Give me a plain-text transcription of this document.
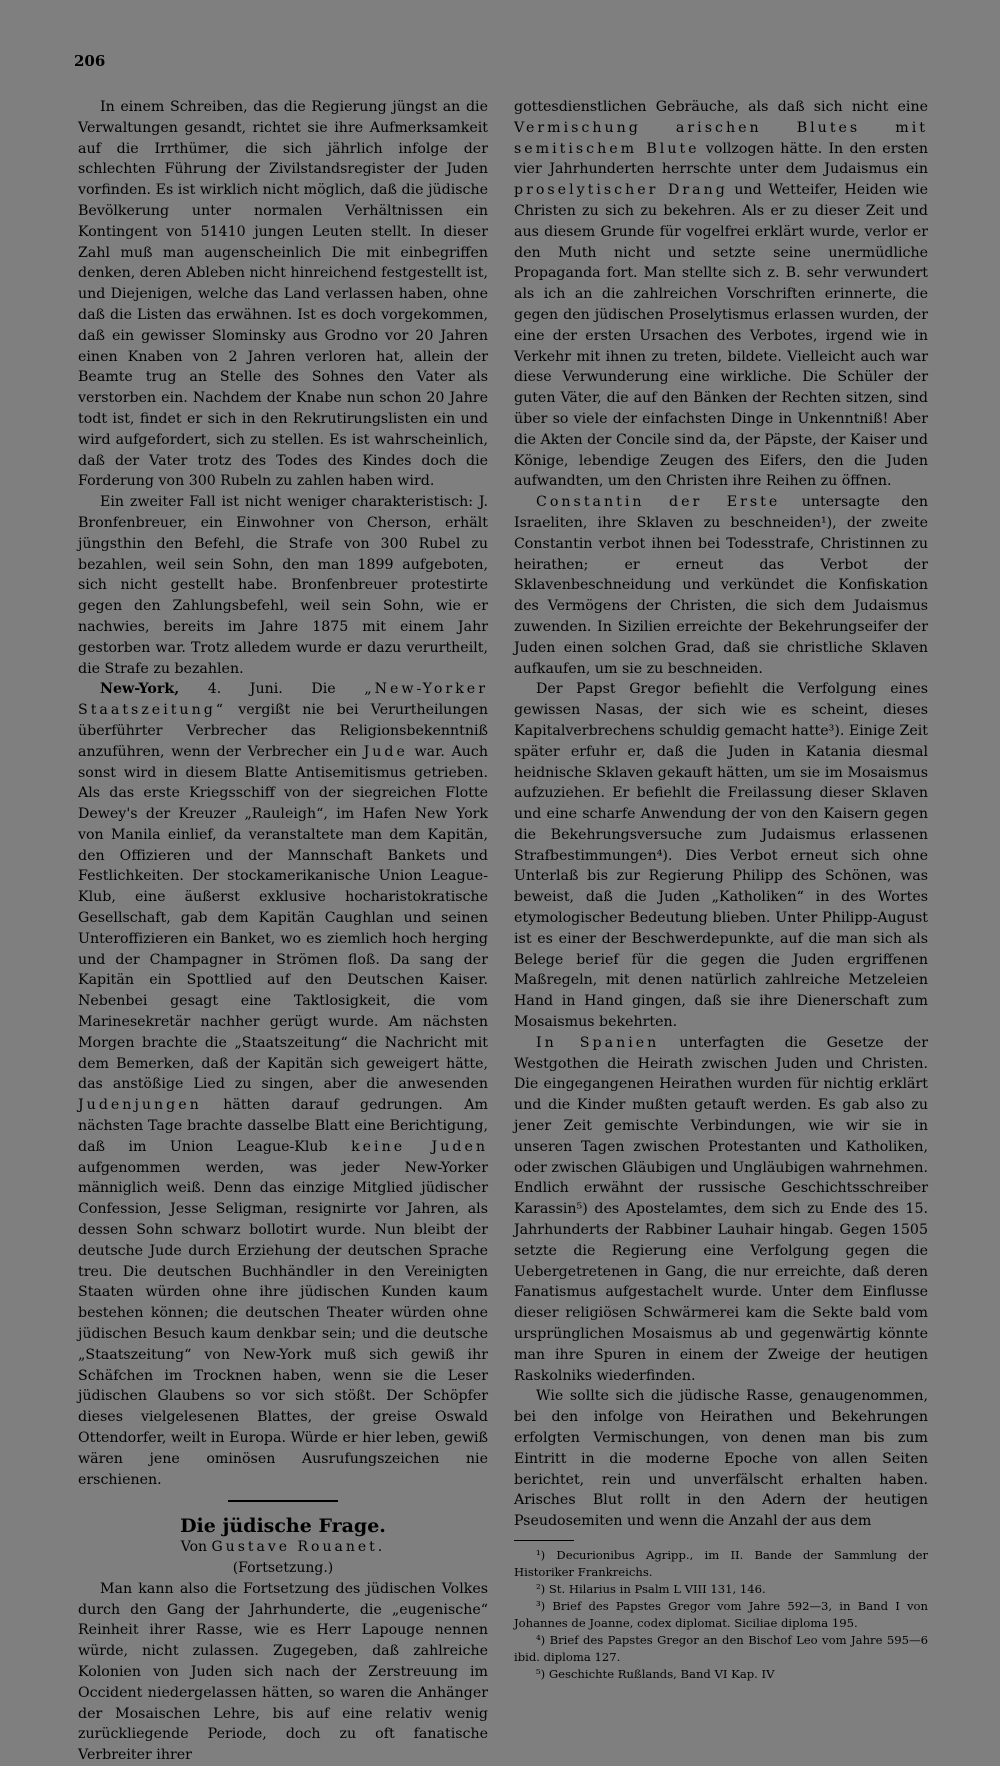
206

In einem Schreiben, das die Regierung jüngst an die Verwaltungen gesandt, richtet sie ihre Aufmerksamkeit auf die Irrthümer, die sich jährlich infolge der schlechten Führung der Zivilstandsregister der Juden vorfinden. Es ist wirklich nicht möglich, daß die jüdische Bevölkerung unter normalen Verhältnissen ein Kontingent von 51410 jungen Leuten stellt. In dieser Zahl muß man augenscheinlich Die mit einbegriffen denken, deren Ableben nicht hinreichend festgestellt ist, und Diejenigen, welche das Land verlassen haben, ohne daß die Listen das erwähnen. Ist es doch vorgekommen, daß ein gewisser Slominsky aus Grodno vor 20 Jahren einen Knaben von 2 Jahren verloren hat, allein der Beamte trug an Stelle des Sohnes den Vater als verstorben ein. Nachdem der Knabe nun schon 20 Jahre todt ist, findet er sich in den Rekrutirungslisten ein und wird aufgefordert, sich zu stellen. Es ist wahrscheinlich, daß der Vater trotz des Todes des Kindes doch die Forderung von 300 Rubeln zu zahlen haben wird.

Ein zweiter Fall ist nicht weniger charakteristisch: J. Bronfenbreuer, ein Einwohner von Cherson, erhält jüngsthin den Befehl, die Strafe von 300 Rubel zu bezahlen, weil sein Sohn, den man 1899 aufgeboten, sich nicht gestellt habe. Bronfenbreuer protestirte gegen den Zahlungsbefehl, weil sein Sohn, wie er nachwies, bereits im Jahre 1875 mit einem Jahr gestorben war. Trotz alledem wurde er dazu verurtheilt, die Strafe zu bezahlen.

New-York, 4. Juni. Die „New-Yorker Staatszeitung“ vergißt nie bei Verurtheilungen überführter Verbrecher das Religionsbekenntniß anzuführen, wenn der Verbrecher ein Jude war. Auch sonst wird in diesem Blatte Antisemitismus getrieben. Als das erste Kriegsschiff von der siegreichen Flotte Dewey's der Kreuzer „Rauleigh“, im Hafen New York von Manila einlief, da veranstaltete man dem Kapitän, den Offizieren und der Mannschaft Bankets und Festlichkeiten. Der stockamerikanische Union League-Klub, eine äußerst exklusive hocharistokratische Gesellschaft, gab dem Kapitän Caughlan und seinen Unteroffizieren ein Banket, wo es ziemlich hoch herging und der Champagner in Strömen floß. Da sang der Kapitän ein Spottlied auf den Deutschen Kaiser. Nebenbei gesagt eine Taktlosigkeit, die vom Marinesekretär nachher gerügt wurde. Am nächsten Morgen brachte die „Staatszeitung“ die Nachricht mit dem Bemerken, daß der Kapitän sich geweigert hätte, das anstößige Lied zu singen, aber die anwesenden Judenjungen hätten darauf gedrungen. Am nächsten Tage brachte dasselbe Blatt eine Berichtigung, daß im Union League-Klub keine Juden aufgenommen werden, was jeder New-Yorker männiglich weiß. Denn das einzige Mitglied jüdischer Confession, Jesse Seligman, resignirte vor Jahren, als dessen Sohn schwarz bollotirt wurde. Nun bleibt der deutsche Jude durch Erziehung der deutschen Sprache treu. Die deutschen Buchhändler in den Vereinigten Staaten würden ohne ihre jüdischen Kunden kaum bestehen können; die deutschen Theater würden ohne jüdischen Besuch kaum denkbar sein; und die deutsche „Staatszeitung“ von New-York muß sich gewiß ihr Schäfchen im Trocknen haben, wenn sie die Leser jüdischen Glaubens so vor sich stößt. Der Schöpfer dieses vielgelesenen Blattes, der greise Oswald Ottendorfer, weilt in Europa. Würde er hier leben, gewiß wären jene ominösen Ausrufungszeichen nie erschienen.

Die jüdische Frage.

Von Gustave Rouanet.

(Fortsetzung.)

Man kann also die Fortsetzung des jüdischen Volkes durch den Gang der Jahrhunderte, die „eugenische“ Reinheit ihrer Rasse, wie es Herr Lapouge nennen würde, nicht zulassen. Zugegeben, daß zahlreiche Kolonien von Juden sich nach der Zerstreuung im Occident niedergelassen hätten, so waren die Anhänger der Mosaischen Lehre, bis auf eine relativ wenig zurückliegende Periode, doch zu oft fanatische Verbreiter ihrer

gottesdienstlichen Gebräuche, als daß sich nicht eine Vermischung arischen Blutes mit semitischem Blute vollzogen hätte. In den ersten vier Jahrhunderten herrschte unter dem Judaismus ein proselytischer Drang und Wetteifer, Heiden wie Christen zu sich zu bekehren. Als er zu dieser Zeit und aus diesem Grunde für vogelfrei erklärt wurde, verlor er den Muth nicht und setzte seine unermüdliche Propaganda fort. Man stellte sich z. B. sehr verwundert als ich an die zahlreichen Vorschriften erinnerte, die gegen den jüdischen Proselytismus erlassen wurden, der eine der ersten Ursachen des Verbotes, irgend wie in Verkehr mit ihnen zu treten, bildete. Vielleicht auch war diese Verwunderung eine wirkliche. Die Schüler der guten Väter, die auf den Bänken der Rechten sitzen, sind über so viele der einfachsten Dinge in Unkenntniß! Aber die Akten der Concile sind da, der Päpste, der Kaiser und Könige, lebendige Zeugen des Eifers, den die Juden aufwandten, um den Christen ihre Reihen zu öffnen.

Constantin der Erste untersagte den Israeliten, ihre Sklaven zu beschneiden¹), der zweite Constantin verbot ihnen bei Todesstrafe, Christinnen zu heirathen; er erneut das Verbot der Sklavenbeschneidung und verkündet die Konfiskation des Vermögens der Christen, die sich dem Judaismus zuwenden. In Sizilien erreichte der Bekehrungseifer der Juden einen solchen Grad, daß sie christliche Sklaven aufkaufen, um sie zu beschneiden.

Der Papst Gregor befiehlt die Verfolgung eines gewissen Nasas, der sich wie es scheint, dieses Kapitalverbrechens schuldig gemacht hatte³). Einige Zeit später erfuhr er, daß die Juden in Katania diesmal heidnische Sklaven gekauft hätten, um sie im Mosaismus aufzuziehen. Er befiehlt die Freilassung dieser Sklaven und eine scharfe Anwendung der von den Kaisern gegen die Bekehrungsversuche zum Judaismus erlassenen Strafbestimmungen⁴). Dies Verbot erneut sich ohne Unterlaß bis zur Regierung Philipp des Schönen, was beweist, daß die Juden „Katholiken“ in des Wortes etymologischer Bedeutung blieben. Unter Philipp-August ist es einer der Beschwerdepunkte, auf die man sich als Belege berief für die gegen die Juden ergriffenen Maßregeln, mit denen natürlich zahlreiche Metzeleien Hand in Hand gingen, daß sie ihre Dienerschaft zum Mosaismus bekehrten.

In Spanien unterfagten die Gesetze der Westgothen die Heirath zwischen Juden und Christen. Die eingegangenen Heirathen wurden für nichtig erklärt und die Kinder mußten getauft werden. Es gab also zu jener Zeit gemischte Verbindungen, wie wir sie in unseren Tagen zwischen Protestanten und Katholiken, oder zwischen Gläubigen und Ungläubigen wahrnehmen. Endlich erwähnt der russische Geschichtsschreiber Karassin⁵) des Apostelamtes, dem sich zu Ende des 15. Jahrhunderts der Rabbiner Lauhair hingab. Gegen 1505 setzte die Regierung eine Verfolgung gegen die Uebergetretenen in Gang, die nur erreichte, daß deren Fanatismus aufgestachelt wurde. Unter dem Einflusse dieser religiösen Schwärmerei kam die Sekte bald vom ursprünglichen Mosaismus ab und gegenwärtig könnte man ihre Spuren in einem der Zweige der heutigen Raskolniks wiederfinden.

Wie sollte sich die jüdische Rasse, genaugenommen, bei den infolge von Heirathen und Bekehrungen erfolgten Vermischungen, von denen man bis zum Eintritt in die moderne Epoche von allen Seiten berichtet, rein und unverfälscht erhalten haben. Arisches Blut rollt in den Adern der heutigen Pseudosemiten und wenn die Anzahl der aus dem

¹) Decurionibus Agripp., im II. Bande der Sammlung der Historiker Frankreichs.

²) St. Hilarius in Psalm L VIII 131, 146.

³) Brief des Papstes Gregor vom Jahre 592—3, in Band I von Johannes de Joanne, codex diplomat. Siciliae diploma 195.

⁴) Brief des Papstes Gregor an den Bischof Leo vom Jahre 595—6 ibid. diploma 127.

⁵) Geschichte Rußlands, Band VI Kap. IV
